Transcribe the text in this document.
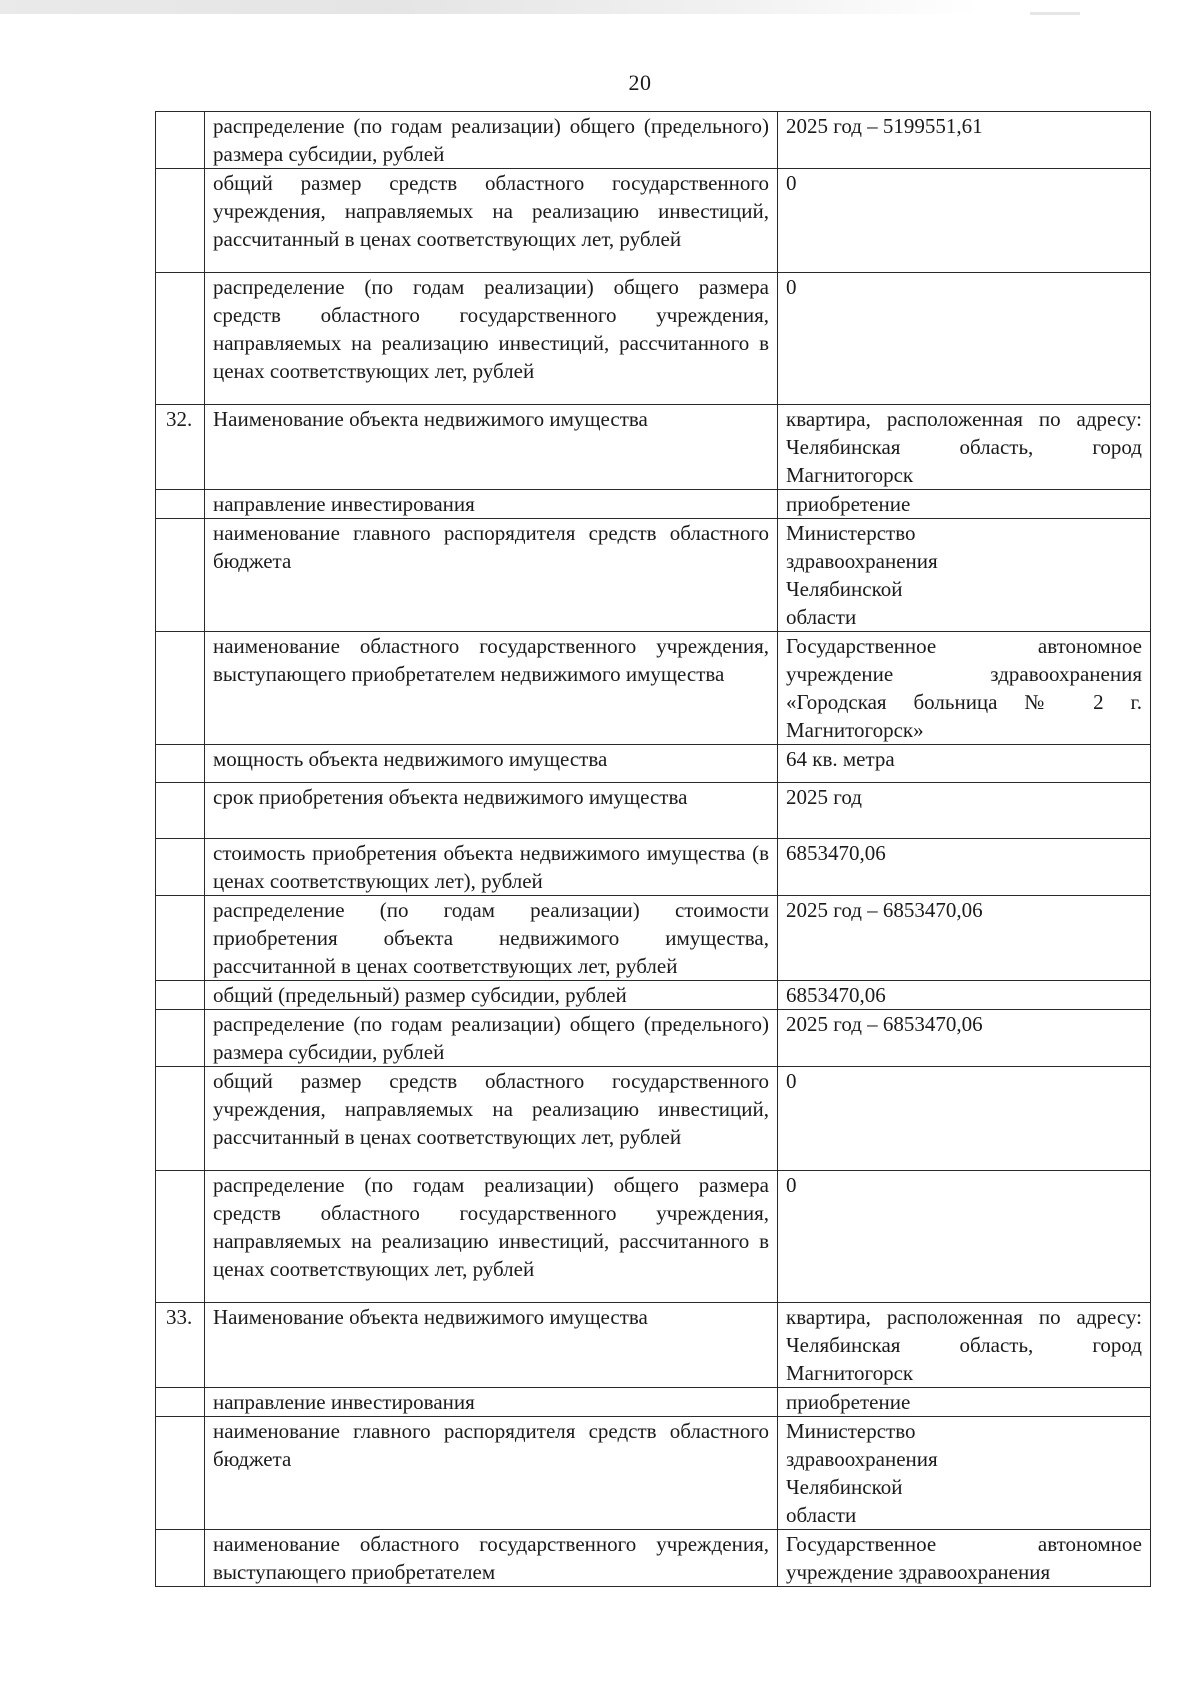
20
	распределение (по годам реализации) общего (предельного) размера субсидии, рублей	2025 год – 5199551,61
	общий размер средств областного государственного учреждения, направляемых на реализацию инвестиций, рассчитанный в ценах соответствующих лет, рублей	0
	распределение (по годам реализации) общего размера средств областного государственного учреждения, направляемых на реализацию инвестиций, рассчитанного в ценах соответствующих лет, рублей	0
32.	Наименование объекта недвижимого имущества	квартира, расположенная по адресу: Челябинская область, город Магнитогорск
	направление инвестирования	приобретение
	наименование главного распорядителя средств областного бюджета	Министерство здравоохранения Челябинской области

	наименование областного государственного учреждения, выступающего приобретателем недвижимого имущества	Государственное автономное учреждение здравоохранения «Городская больница № 2 г. Магнитогорск»
	мощность объекта недвижимого имущества	64 кв. метра
	срок приобретения объекта недвижимого имущества	2025 год
	стоимость приобретения объекта недвижимого имущества (в ценах соответствующих лет), рублей	6853470,06
	распределение (по годам реализации) стоимости приобретения объекта недвижимого имущества, рассчитанной в ценах соответствующих лет, рублей	2025 год – 6853470,06
	общий (предельный) размер субсидии, рублей	6853470,06
	распределение (по годам реализации) общего (предельного) размера субсидии, рублей	2025 год – 6853470,06
	общий размер средств областного государственного учреждения, направляемых на реализацию инвестиций, рассчитанный в ценах соответствующих лет, рублей	0
	распределение (по годам реализации) общего размера средств областного государственного учреждения, направляемых на реализацию инвестиций, рассчитанного в ценах соответствующих лет, рублей	0
33.	Наименование объекта недвижимого имущества	квартира, расположенная по адресу: Челябинская область, город Магнитогорск
	направление инвестирования	приобретение
	наименование главного распорядителя средств областного бюджета	Министерство здравоохранения Челябинской области

	наименование областного государственного учреждения, выступающего приобретателем	Государственное автономное учреждение здравоохранения
